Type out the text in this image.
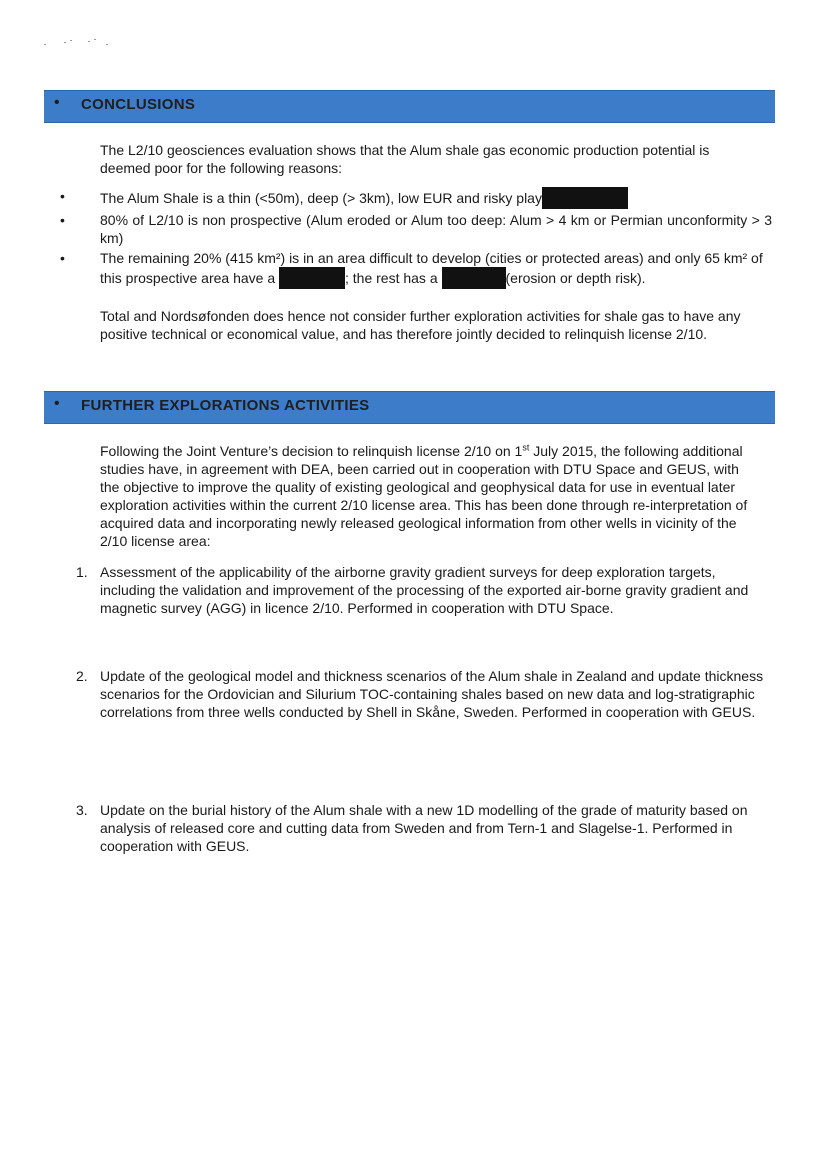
• CONCLUSIONS
The L2/10 geosciences evaluation shows that the Alum shale gas economic production potential is deemed poor for the following reasons:
•	The Alum Shale is a thin (<50m), deep (> 3km), low EUR and risky play
•	80% of L2/10 is non prospective (Alum eroded or Alum too deep: Alum > 4 km or Permian unconformity > 3 km)
•	The remaining 20% (415 km²) is in an area difficult to develop (cities or protected areas) and only 65 km² of this prospective area have a	; the rest has a	(erosion or depth risk).
Total and Nordsøfonden does hence not consider further exploration activities for shale gas to have any positive technical or economical value, and has therefore jointly decided to relinquish license 2/10.
• FURTHER EXPLORATIONS ACTIVITIES
Following the Joint Venture’s decision to relinquish license 2/10 on 1st July 2015, the following additional studies have, in agreement with DEA, been carried out in cooperation with DTU Space and GEUS, with the objective to improve the quality of existing geological and geophysical data for use in eventual later exploration activities within the current 2/10 license area. This has been done through re-interpretation of acquired data and incorporating newly released geological information from other wells in vicinity of the 2/10 license area:
1. Assessment of the applicability of the airborne gravity gradient surveys for deep exploration targets, including the validation and improvement of the processing of the exported air-borne gravity gradient and magnetic survey (AGG) in licence 2/10. Performed in cooperation with DTU Space.
2. Update of the geological model and thickness scenarios of the Alum shale in Zealand and update thickness scenarios for the Ordovician and Silurium TOC-containing shales based on new data and log-stratigraphic correlations from three wells conducted by Shell in Skåne, Sweden. Performed in cooperation with GEUS.
3. Update on the burial history of the Alum shale with a new 1D modelling of the grade of maturity based on analysis of released core and cutting data from Sweden and from Tern-1 and Slagelse-1. Performed in cooperation with GEUS.
